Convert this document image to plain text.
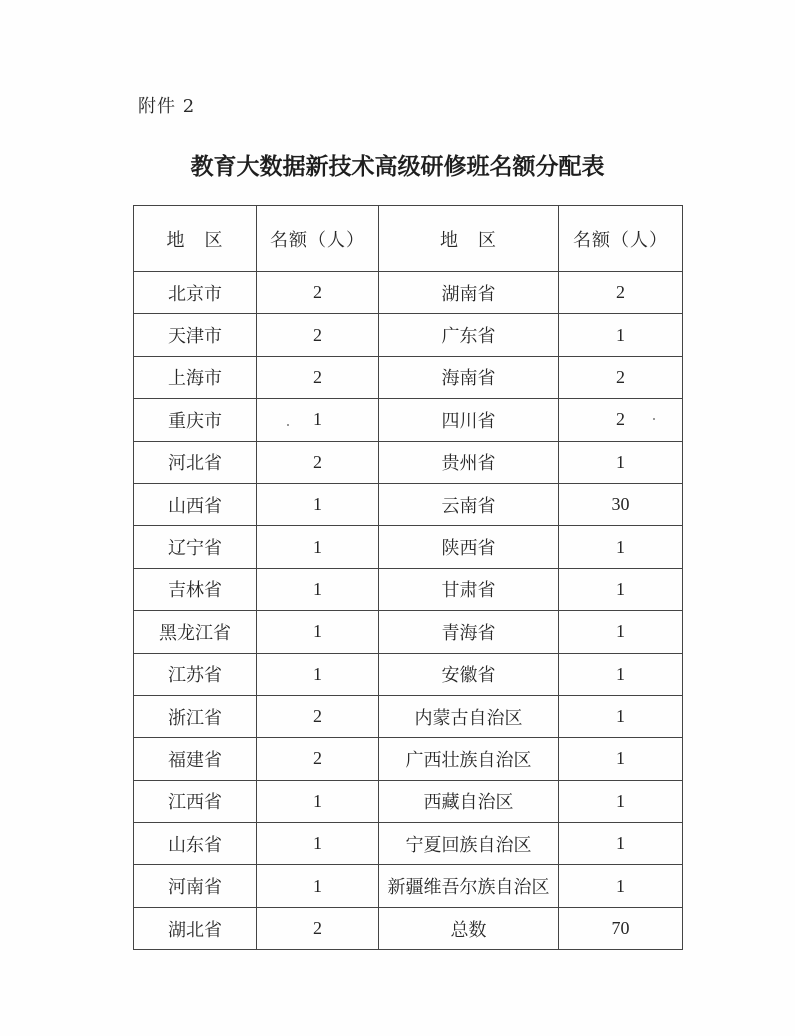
附件 2
教育大数据新技术高级研修班名额分配表
地　区	名额（人）	地　区	名额（人）
北京市	2	湖南省	2
天津市	2	广东省	1
上海市	2	海南省	2
重庆市	1	四川省	2
河北省	2	贵州省	1
山西省	1	云南省	30
辽宁省	1	陕西省	1
吉林省	1	甘肃省	1
黑龙江省	1	青海省	1
江苏省	1	安徽省	1
浙江省	2	内蒙古自治区	1
福建省	2	广西壮族自治区	1
江西省	1	西藏自治区	1
山东省	1	宁夏回族自治区	1
河南省	1	新疆维吾尔族自治区	1
湖北省	2	总数	70
